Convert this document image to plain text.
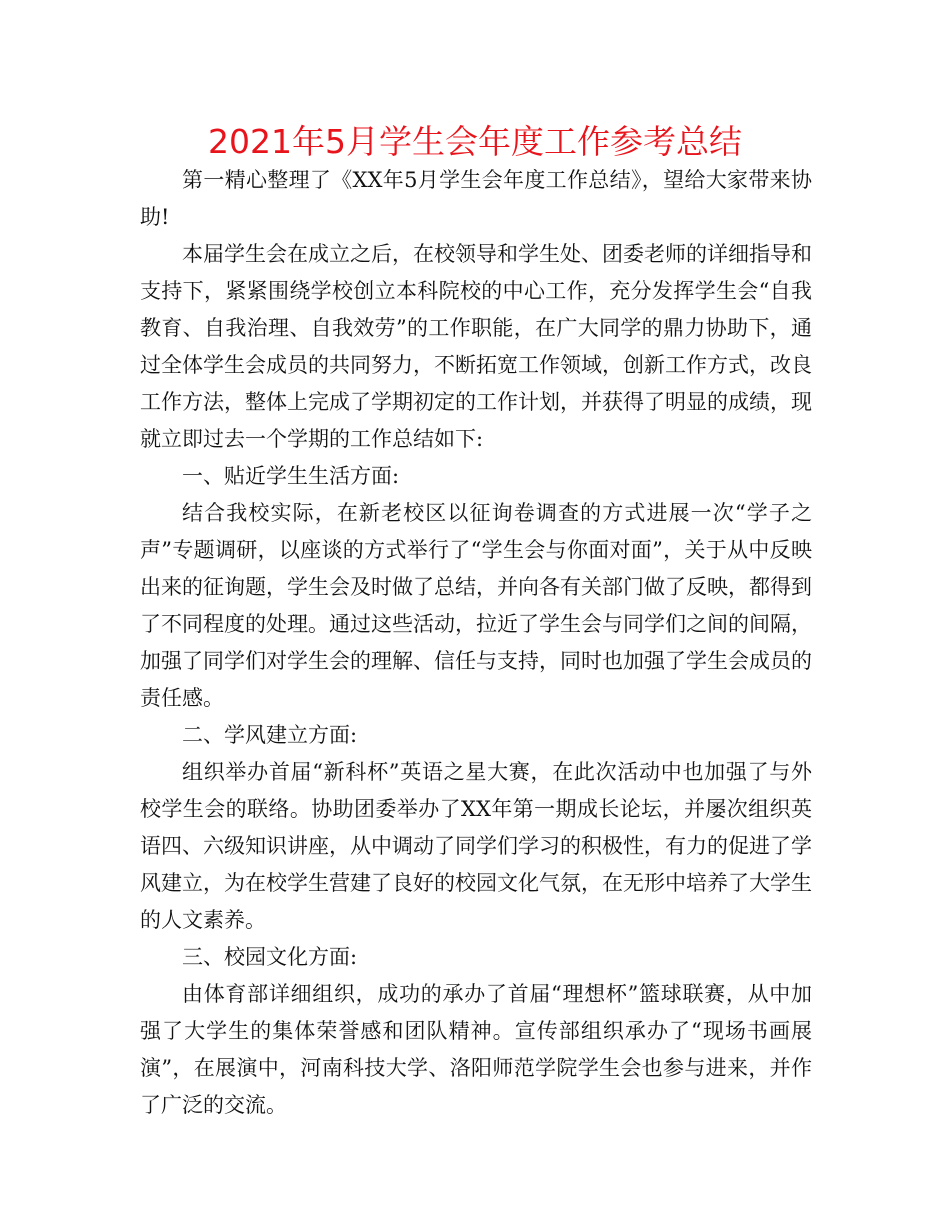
2021年5月学生会年度工作参考总结

第一精心整理了《XX年5月学生会年度工作总结》，望给大家带来协助!

本届学生会在成立之后，在校领导和学生处、团委老师的详细指导和支持下，紧紧围绕学校创立本科院校的中心工作，充分发挥学生会“自我教育、自我治理、自我效劳”的工作职能，在广大同学的鼎力协助下，通过全体学生会成员的共同努力，不断拓宽工作领域，创新工作方式，改良工作方法，整体上完成了学期初定的工作计划，并获得了明显的成绩，现就立即过去一个学期的工作总结如下:

一、贴近学生生活方面:

结合我校实际，在新老校区以征询卷调查的方式进展一次“学子之声”专题调研，以座谈的方式举行了“学生会与你面对面”，关于从中反映出来的征询题，学生会及时做了总结，并向各有关部门做了反映，都得到了不同程度的处理。通过这些活动，拉近了学生会与同学们之间的间隔，加强了同学们对学生会的理解、信任与支持，同时也加强了学生会成员的责任感。

二、学风建立方面:

组织举办首届“新科杯”英语之星大赛，在此次活动中也加强了与外校学生会的联络。协助团委举办了XX年第一期成长论坛，并屡次组织英语四、六级知识讲座，从中调动了同学们学习的积极性，有力的促进了学风建立，为在校学生营建了良好的校园文化气氛，在无形中培养了大学生的人文素养。

三、校园文化方面:

由体育部详细组织，成功的承办了首届“理想杯”篮球联赛，从中加强了大学生的集体荣誉感和团队精神。宣传部组织承办了“现场书画展演”，在展演中，河南科技大学、洛阳师范学院学生会也参与进来，并作了广泛的交流。
